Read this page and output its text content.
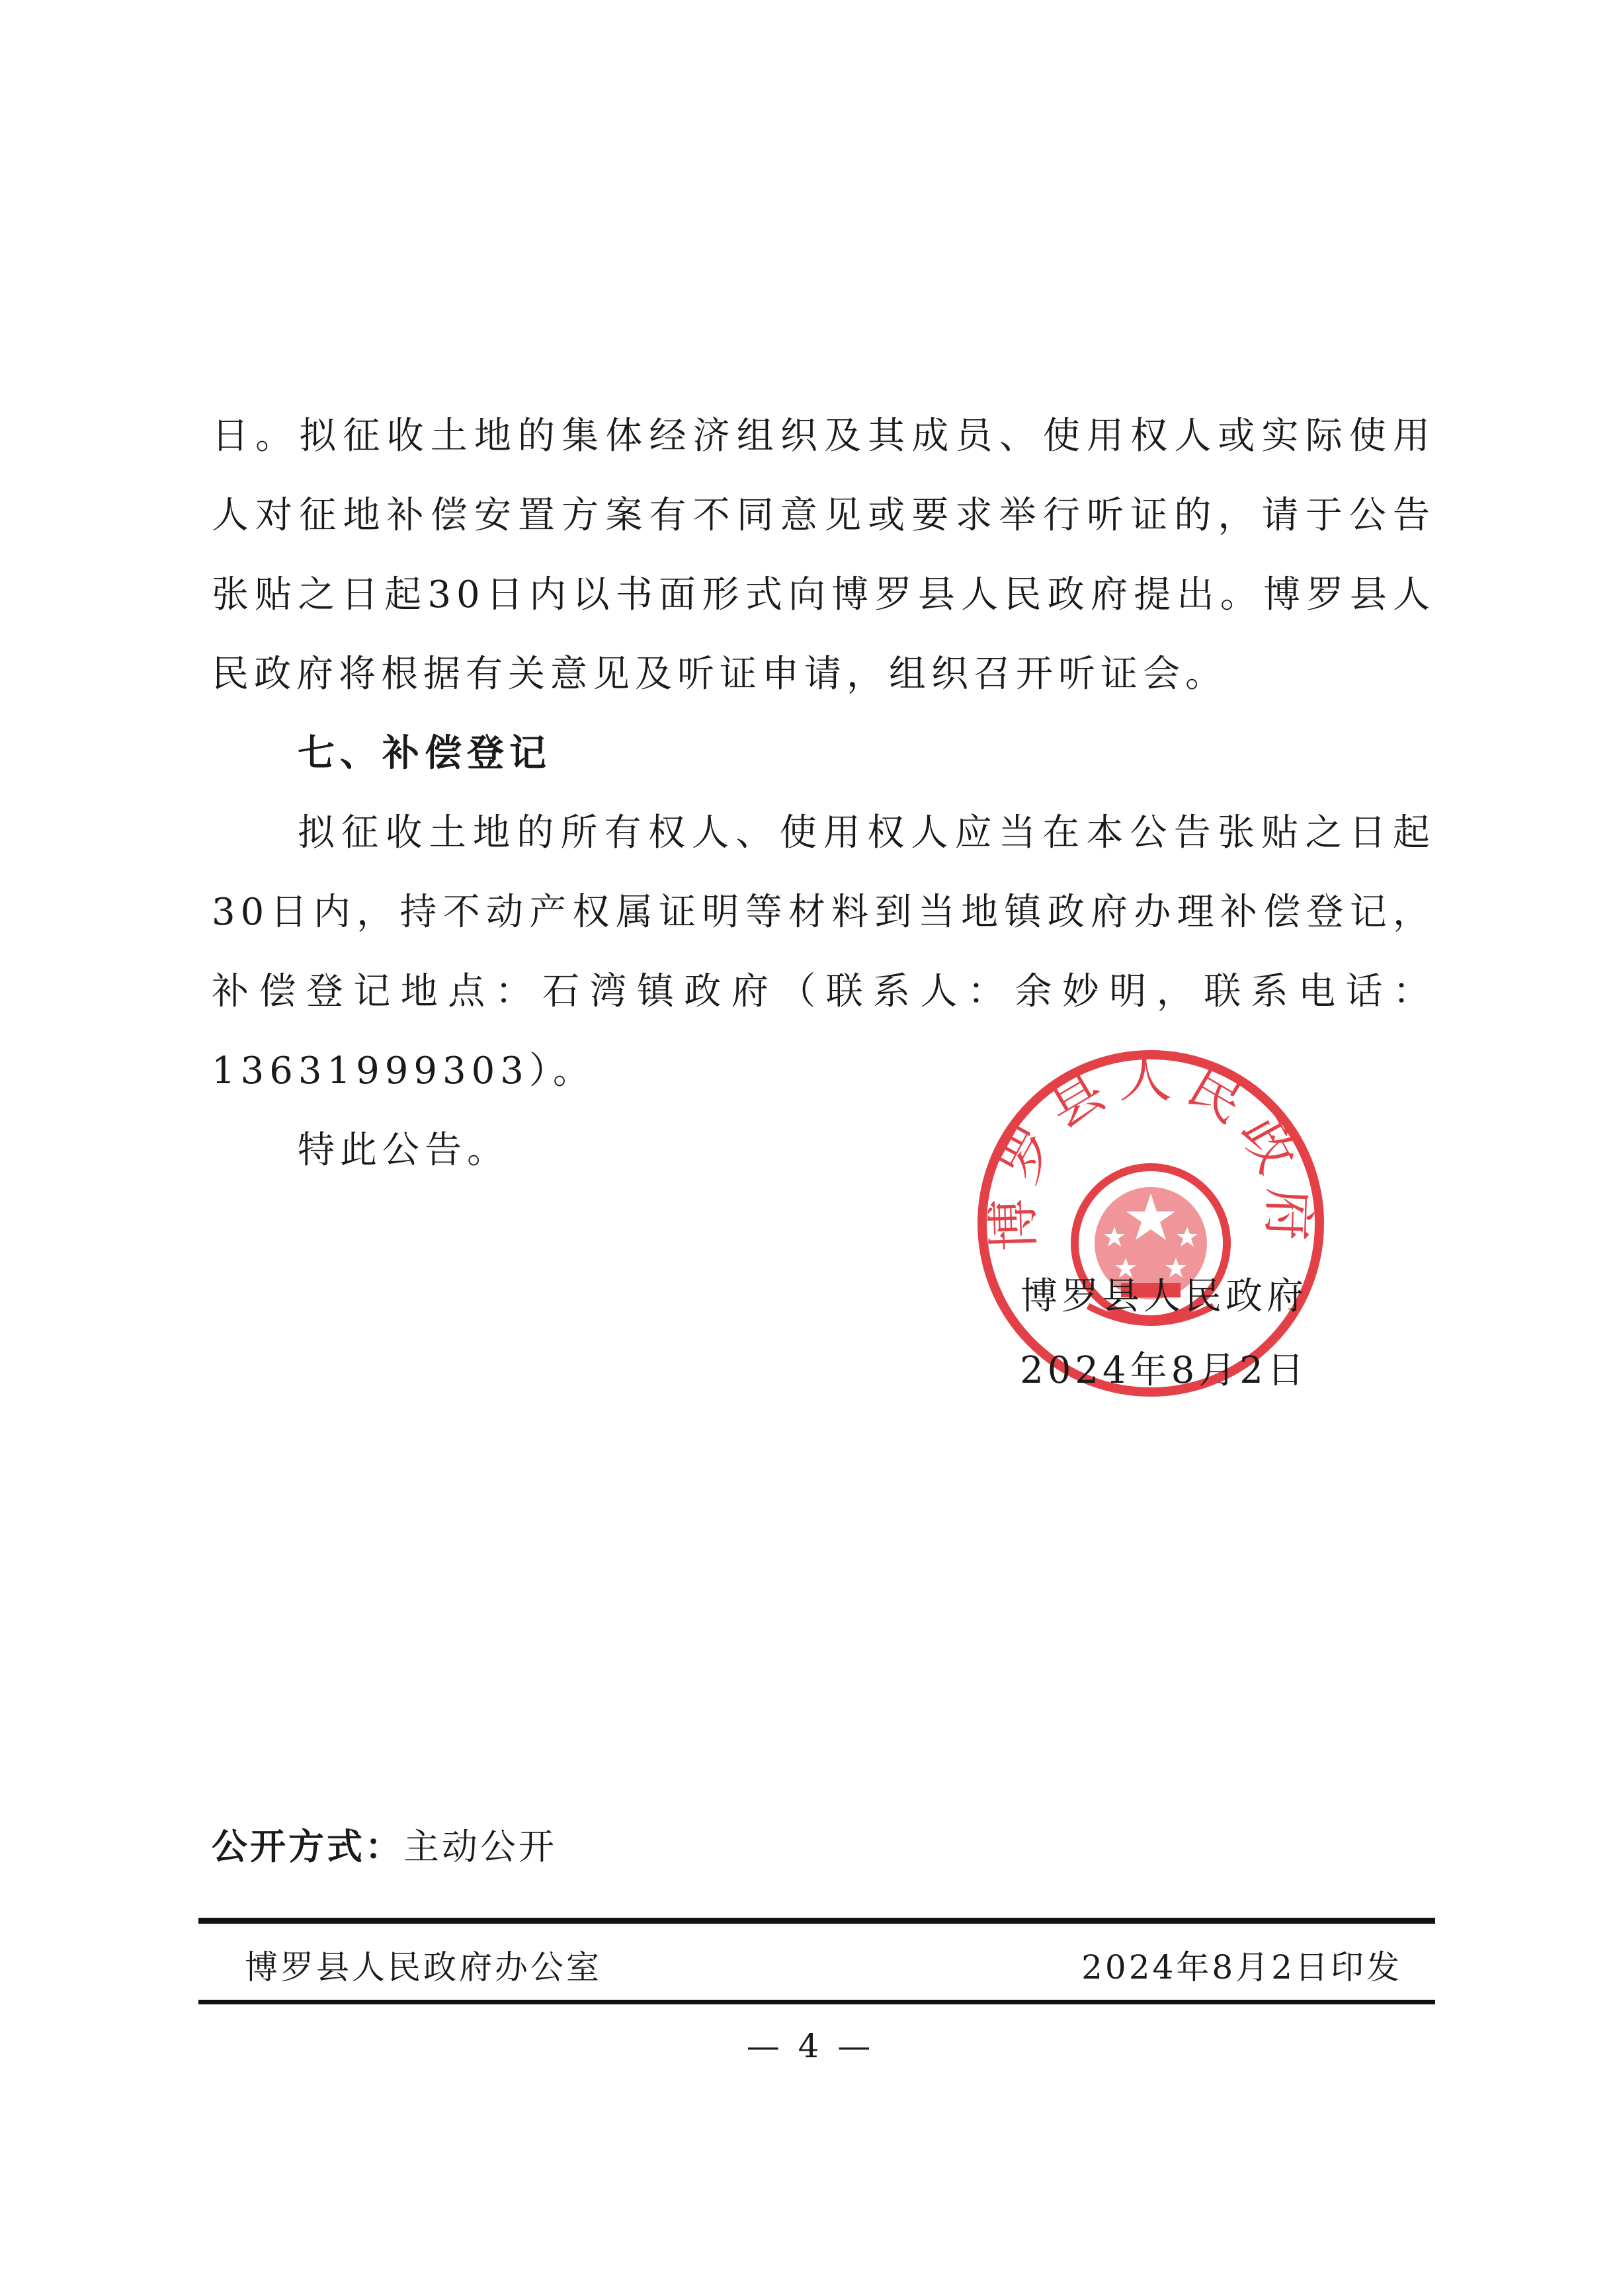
日。拟征收土地的集体经济组织及其成员、使用权人或实际使用人对征地补偿安置方案有不同意见或要求举行听证的，请于公告张贴之日起30日内以书面形式向博罗县人民政府提出。博罗县人民政府将根据有关意见及听证申请，组织召开听证会。

七、补偿登记

拟征收土地的所有权人、使用权人应当在本公告张贴之日起30日内，持不动产权属证明等材料到当地镇政府办理补偿登记，补偿登记地点：石湾镇政府（联系人：余妙明，联系电话：13631999303）。

特此公告。

博罗县人民政府
博罗县人民政府
2024年8月2日
公开方式：主动公开
博罗县人民政府办公室	2024年8月2日印发
— 4 —
